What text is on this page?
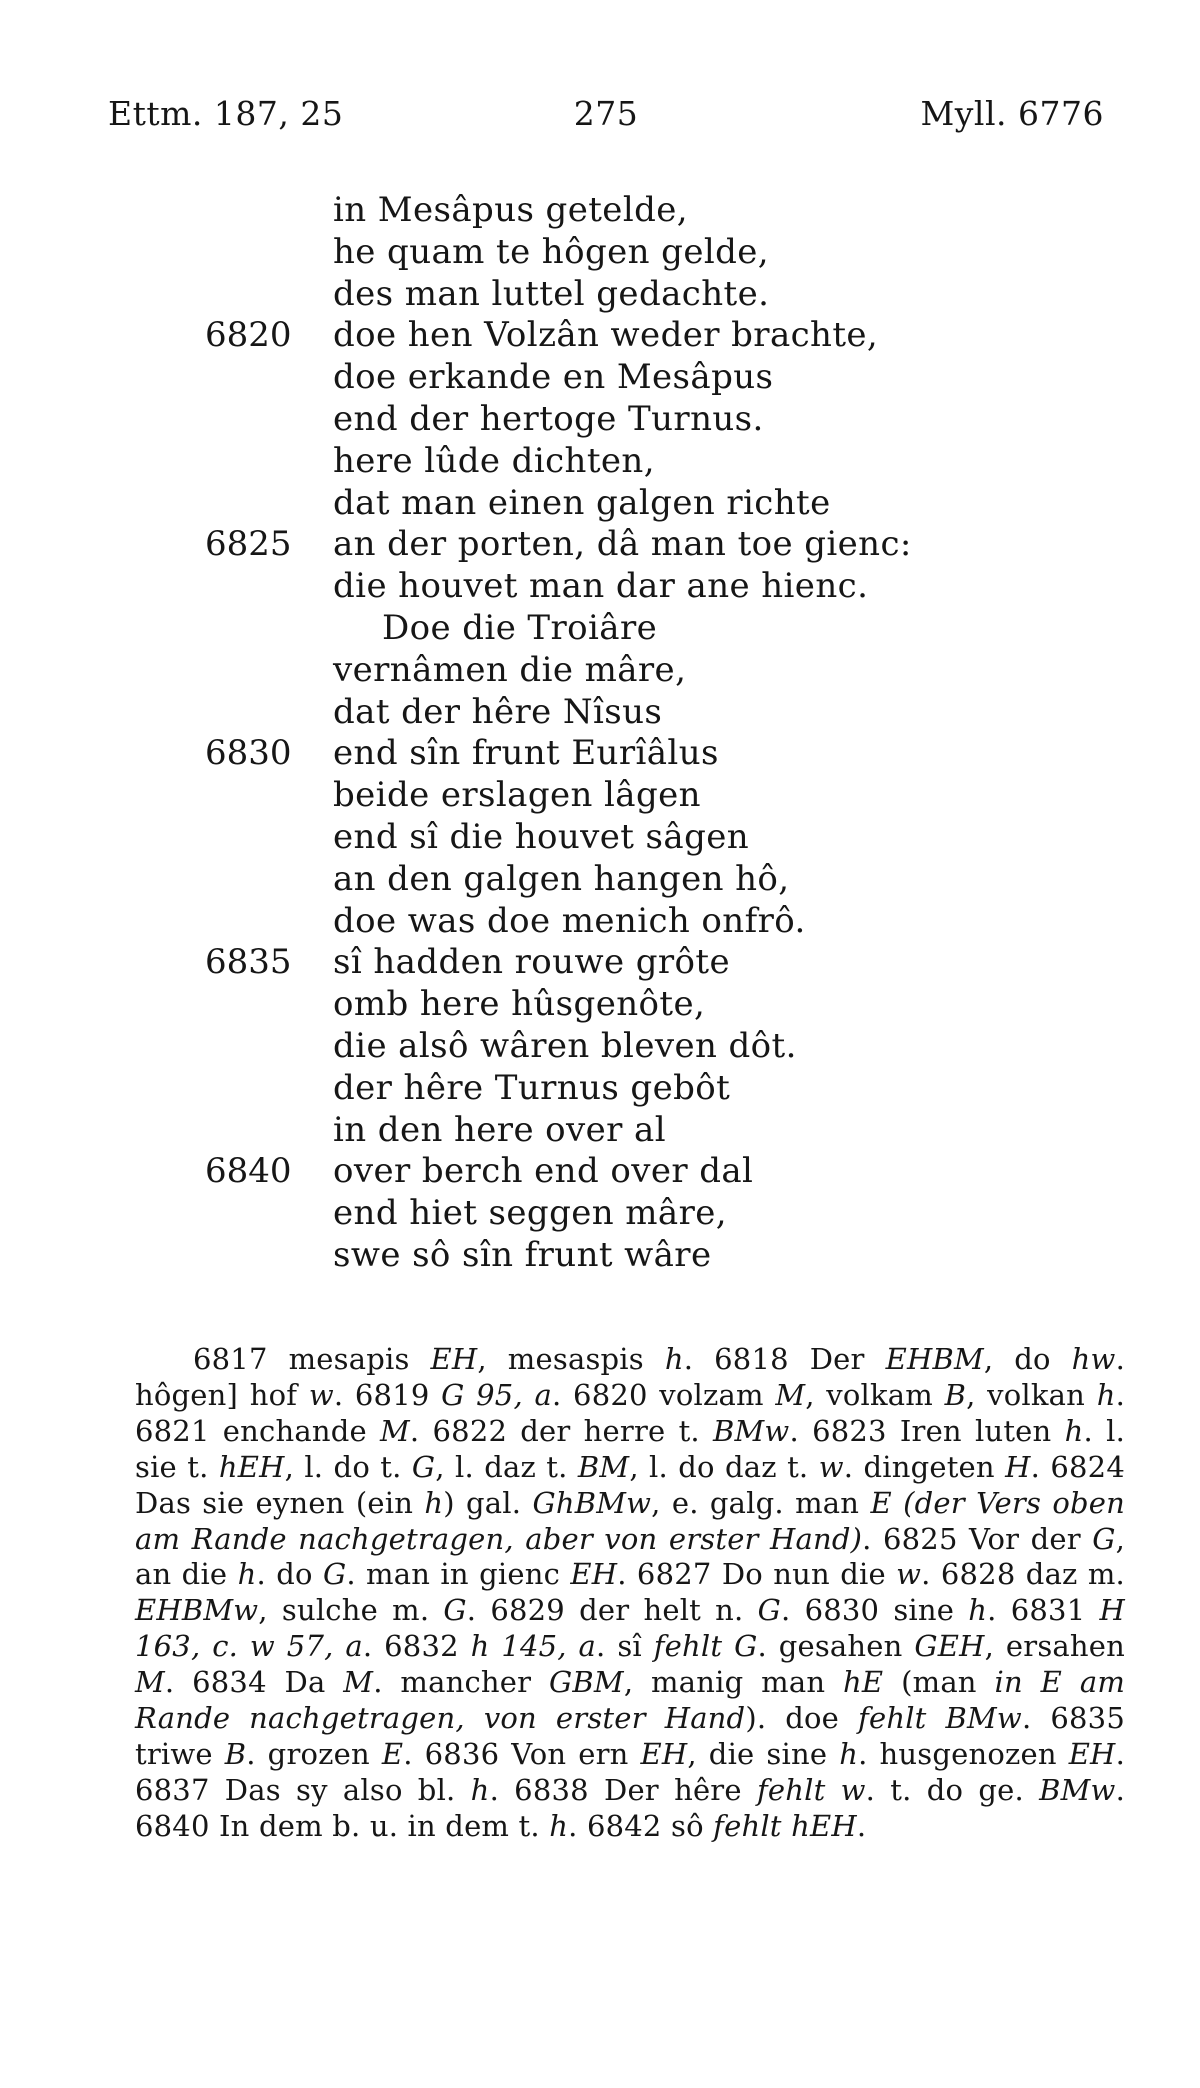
Ettm. 187, 25	275	Myll. 6776
in Mesâpus getelde,
he quam te hôgen gelde,
des man luttel gedachte.
6820	doe hen Volzân weder brachte,
doe erkande en Mesâpus
end der hertoge Turnus.
here lûde dichten,
dat man einen galgen richte
6825	an der porten, dâ man toe gienc:
die houvet man dar ane hienc.
Doe die Troiâre
vernâmen die mâre,
dat der hêre Nîsus
6830	end sîn frunt Eurîâlus
beide erslagen lâgen
end sî die houvet sâgen
an den galgen hangen hô,
doe was doe menich onfrô.
6835	sî hadden rouwe grôte
omb here hûsgenôte,
die alsô wâren bleven dôt.
der hêre Turnus gebôt
in den here over al
6840	over berch end over dal
end hiet seggen mâre,
swe sô sîn frunt wâre

6817 mesapis EH, mesaspis h. 6818 Der EHBM, do hw. hôgen] hof w. 6819 G 95, a. 6820 volzam M, volkam B, volkan h. 6821 enchande M. 6822 der herre t. BMw. 6823 Iren luten h. l. sie t. hEH, l. do t. G, l. daz t. BM, l. do daz t. w. dingeten H. 6824 Das sie eynen (ein h) gal. GhBMw, e. galg. man E (der Vers oben am Rande nachgetragen, aber von erster Hand). 6825 Vor der G, an die h. do G. man in gienc EH. 6827 Do nun die w. 6828 daz m. EHBMw, sulche m. G. 6829 der helt n. G. 6830 sine h. 6831 H 163, c. w 57, a. 6832 h 145, a. sî fehlt G. gesahen GEH, ersahen M. 6834 Da M. mancher GBM, manig man hE (man in E am Rande nachgetragen, von erster Hand). doe fehlt BMw. 6835 triwe B. grozen E. 6836 Von ern EH, die sine h. husgenozen EH. 6837 Das sy also bl. h. 6838 Der hêre fehlt w. t. do ge. BMw. 6840 In dem b. u. in dem t. h. 6842 sô fehlt hEH.
